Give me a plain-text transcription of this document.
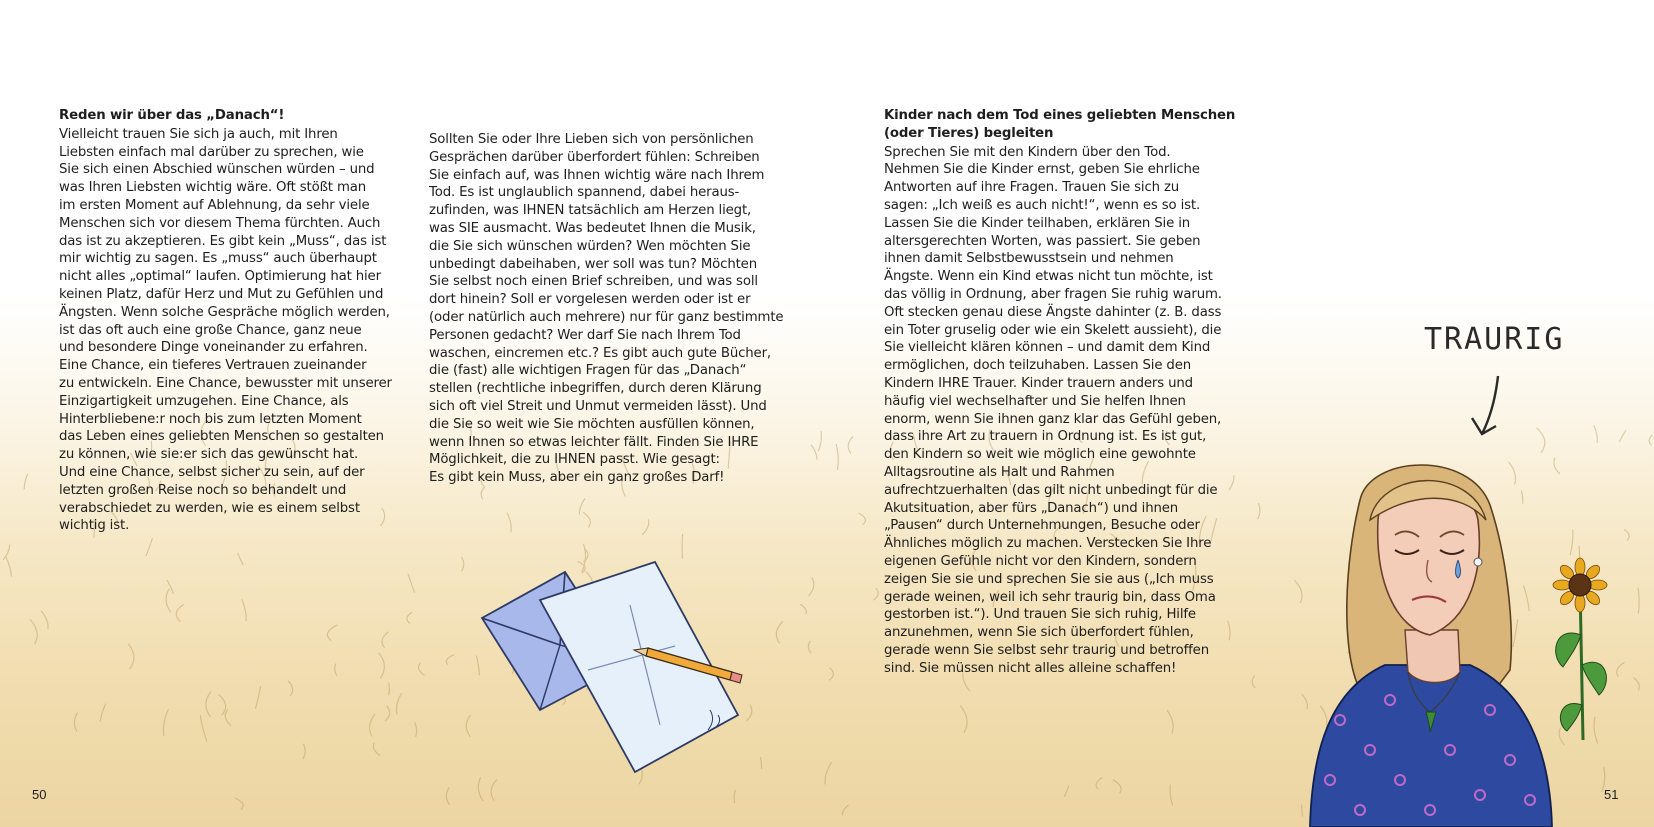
Reden wir über das „Danach“!
Vielleicht trauen Sie sich ja auch, mit Ihren
Liebsten einfach mal darüber zu sprechen, wie
Sie sich einen Abschied wünschen würden – und
was Ihren Liebsten wichtig wäre. Oft stößt man
im ersten Moment auf Ablehnung, da sehr viele
Menschen sich vor diesem Thema fürchten. Auch
das ist zu akzeptieren. Es gibt kein „Muss“, das ist
mir wichtig zu sagen. Es „muss“ auch überhaupt
nicht alles „optimal“ laufen. Optimierung hat hier
keinen Platz, dafür Herz und Mut zu Gefühlen und
Ängsten. Wenn solche Gespräche möglich werden,
ist das oft auch eine große Chance, ganz neue
und besondere Dinge voneinander zu erfahren.
Eine Chance, ein tieferes Vertrauen zueinander
zu entwickeln. Eine Chance, bewusster mit unserer
Einzigartigkeit umzugehen. Eine Chance, als
Hinterbliebene:r noch bis zum letzten Moment
das Leben eines geliebten Menschen so gestalten
zu können, wie sie:er sich das gewünscht hat.
Und eine Chance, selbst sicher zu sein, auf der
letzten großen Reise noch so behandelt und
verabschiedet zu werden, wie es einem selbst
wichtig ist.
Sollten Sie oder Ihre Lieben sich von persönlichen
Gesprächen darüber überfordert fühlen: Schreiben
Sie einfach auf, was Ihnen wichtig wäre nach Ihrem
Tod. Es ist unglaublich spannend, dabei heraus-
zufinden, was IHNEN tatsächlich am Herzen liegt,
was SIE ausmacht. Was bedeutet Ihnen die Musik,
die Sie sich wünschen würden? Wen möchten Sie
unbedingt dabeihaben, wer soll was tun? Möchten
Sie selbst noch einen Brief schreiben, und was soll
dort hinein? Soll er vorgelesen werden oder ist er
(oder natürlich auch mehrere) nur für ganz bestimmte
Personen gedacht? Wer darf Sie nach Ihrem Tod
waschen, eincremen etc.? Es gibt auch gute Bücher,
die (fast) alle wichtigen Fragen für das „Danach“
stellen (rechtliche inbegriffen, durch deren Klärung
sich oft viel Streit und Unmut vermeiden lässt). Und
die Sie so weit wie Sie möchten ausfüllen können,
wenn Ihnen so etwas leichter fällt. Finden Sie IHRE
Möglichkeit, die zu IHNEN passt. Wie gesagt:
Es gibt kein Muss, aber ein ganz großes Darf!
Kinder nach dem Tod eines geliebten Menschen
(oder Tieres) begleiten
Sprechen Sie mit den Kindern über den Tod.
Nehmen Sie die Kinder ernst, geben Sie ehrliche
Antworten auf ihre Fragen. Trauen Sie sich zu
sagen: „Ich weiß es auch nicht!“, wenn es so ist.
Lassen Sie die Kinder teilhaben, erklären Sie in
altersgerechten Worten, was passiert. Sie geben
ihnen damit Selbstbewusstsein und nehmen
Ängste. Wenn ein Kind etwas nicht tun möchte, ist
das völlig in Ordnung, aber fragen Sie ruhig warum.
Oft stecken genau diese Ängste dahinter (z. B. dass
ein Toter gruselig oder wie ein Skelett aussieht), die
Sie vielleicht klären können – und damit dem Kind
ermöglichen, doch teilzuhaben. Lassen Sie den
Kindern IHRE Trauer. Kinder trauern anders und
häufig viel wechselhafter und Sie helfen Ihnen
enorm, wenn Sie ihnen ganz klar das Gefühl geben,
dass ihre Art zu trauern in Ordnung ist. Es ist gut,
den Kindern so weit wie möglich eine gewohnte
Alltagsroutine als Halt und Rahmen
aufrechtzuerhalten (das gilt nicht unbedingt für die
Akutsituation, aber fürs „Danach“) und ihnen
„Pausen“ durch Unternehmungen, Besuche oder
Ähnliches möglich zu machen. Verstecken Sie Ihre
eigenen Gefühle nicht vor den Kindern, sondern
zeigen Sie sie und sprechen Sie sie aus („Ich muss
gerade weinen, weil ich sehr traurig bin, dass Oma
gestorben ist.“). Und trauen Sie sich ruhig, Hilfe
anzunehmen, wenn Sie sich überfordert fühlen,
gerade wenn Sie selbst sehr traurig und betroffen
sind. Sie müssen nicht alles alleine schaffen!
TRAURIG
50	51
